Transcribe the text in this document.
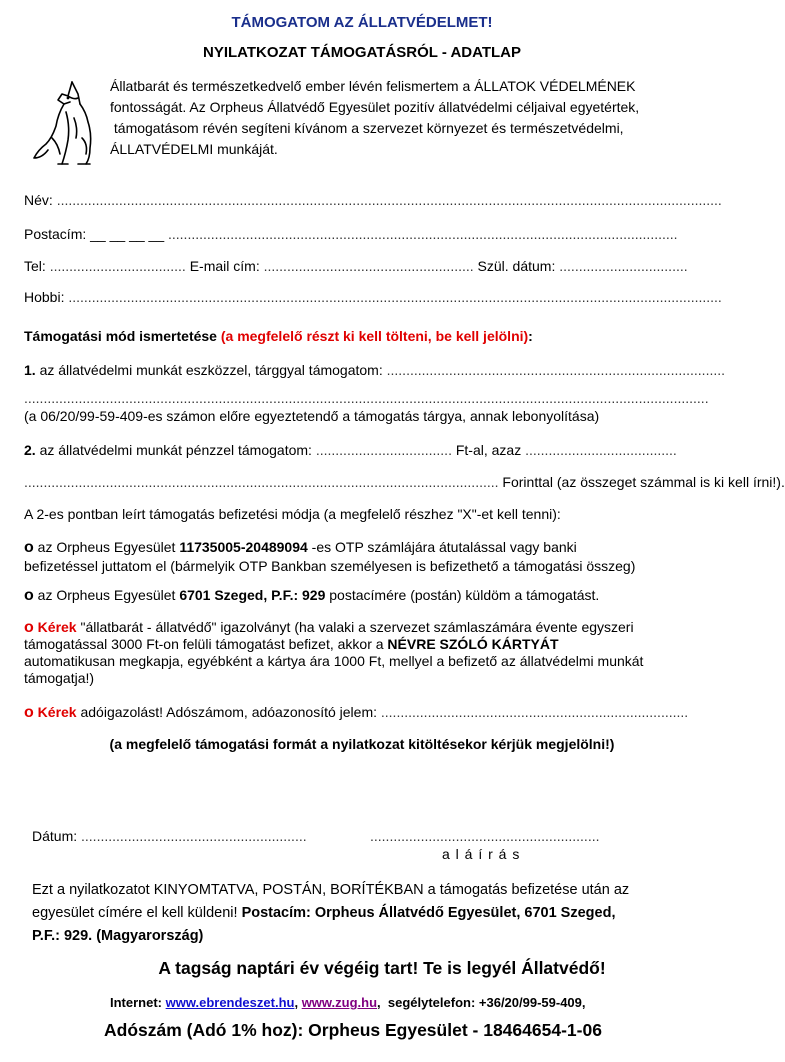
TÁMOGATOM AZ ÁLLATVÉDELMET!
NYILATKOZAT TÁMOGATÁSRÓL - ADATLAP
Állatbarát és természetkedvelő ember lévén felismertem a ÁLLATOK VÉDELMÉNEK
fontosságát. Az Orpheus Állatvédő Egyesület pozitív állatvédelmi céljaival egyetértek,
támogatásom révén segíteni kívánom a szervezet környezet és természetvédelmi,
ÁLLATVÉDELMI munkáját.
Név: ...........................................................................................................................................................................
Postacím: __ __ __ __ ...................................................................................................................................
Tel: ................................... E-mail cím: ...................................................... Szül. dátum: .................................
Hobbi: ........................................................................................................................................................................
Támogatási mód ismertetése (a megfelelő részt ki kell tölteni, be kell jelölni):
1. az állatvédelmi munkát eszközzel, tárggyal támogatom: .......................................................................................
................................................................................................................................................................................
(a 06/20/99-59-409-es számon előre egyeztetendő a támogatás tárgya, annak lebonyolítása)
2. az állatvédelmi munkát pénzzel támogatom: ................................... Ft-al, azaz .......................................
.......................................................................................................................... Forinttal (az összeget számmal is ki kell írni!).
A 2-es pontban leírt támogatás befizetési módja (a megfelelő részhez "X"-et kell tenni):
o az Orpheus Egyesület 11735005-20489094 -es OTP számlájára átutalással vagy banki
befizetéssel juttatom el (bármelyik OTP Bankban személyesen is befizethető a támogatási összeg)
o az Orpheus Egyesület 6701 Szeged, P.F.: 929 postacímére (postán) küldöm a támogatást.
o Kérek "állatbarát - állatvédő" igazolványt (ha valaki a szervezet számlaszámára évente egyszeri
támogatással 3000 Ft-on felüli támogatást befizet, akkor a NÉVRE SZÓLÓ KÁRTYÁT
automatikusan megkapja, egyébként a kártya ára 1000 Ft, mellyel a befizető az állatvédelmi munkát
támogatja!)
o Kérek adóigazolást! Adószámom, adóazonosító jelem: ...............................................................................
(a megfelelő támogatási formát a nyilatkozat kitöltésekor kérjük megjelölni!)
Dátum: ..........................................................	...........................................................
a l á í r á s
Ezt a nyilatkozatot KINYOMTATVA, POSTÁN, BORÍTÉKBAN a támogatás befizetése után az
egyesület címére el kell küldeni! Postacím: Orpheus Állatvédő Egyesület, 6701 Szeged,
P.F.: 929. (Magyarország)
A tagság naptári év végéig tart! Te is legyél Állatvédő!
Internet: www.ebrendeszet.hu, www.zug.hu,  segélytelefon: +36/20/99-59-409,
Adószám (Adó 1% hoz): Orpheus Egyesület - 18464654-1-06
